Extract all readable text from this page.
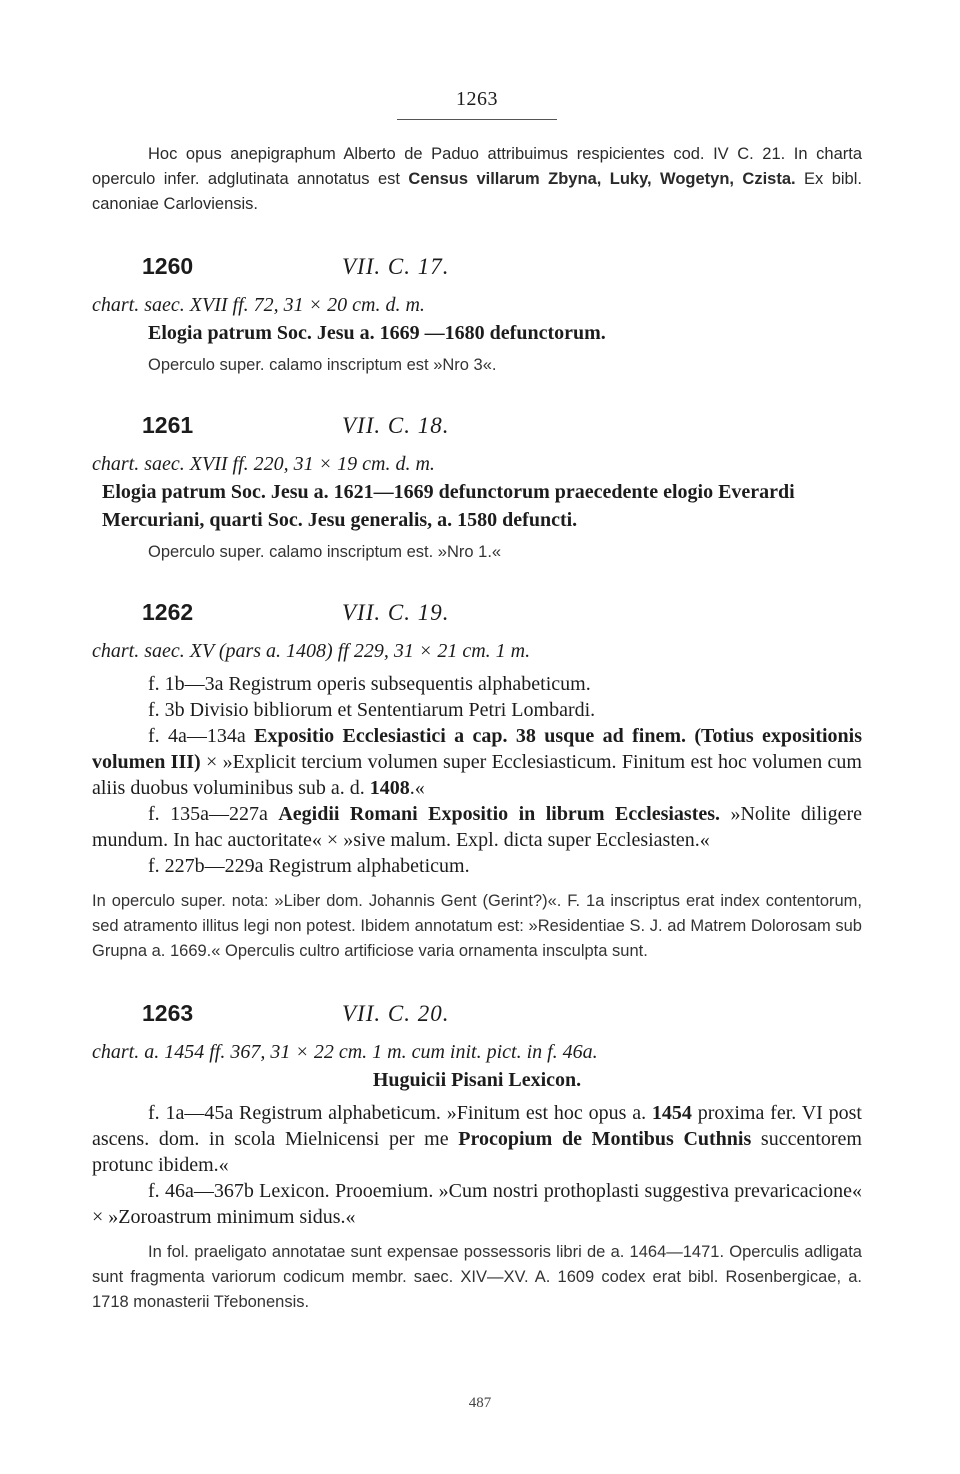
1263

Hoc opus anepigraphum Alberto de Paduo attribuimus respicientes cod. IV C. 21. In charta operculo infer. adglutinata annotatus est Census villarum Zbyna, Luky, Wogetyn, Czista. Ex bibl. canoniae Carloviensis.

1260	VII. C. 17.

chart. saec. XVII ff. 72, 31 × 20 cm. d. m.

Elogia patrum Soc. Jesu a. 1669 —1680 defunctorum.

Operculo super. calamo inscriptum est »Nro 3«.

1261	VII. C. 18.

chart. saec. XVII ff. 220, 31 × 19 cm. d. m.

Elogia patrum Soc. Jesu a. 1621—1669 defunctorum praecedente elogio Everardi Mercuriani, quarti Soc. Jesu generalis, a. 1580 defuncti.

Operculo super. calamo inscriptum est. »Nro 1.«

1262	VII. C. 19.

chart. saec. XV (pars a. 1408) ff 229, 31 × 21 cm. 1 m.

f. 1b—3a Registrum operis subsequentis alphabeticum.

f. 3b Divisio bibliorum et Sententiarum Petri Lombardi.

f. 4a—134a Expositio Ecclesiastici a cap. 38 usque ad finem. (Totius expositionis volumen III) × »Explicit tercium volumen super Ecclesiasticum. Finitum est hoc volumen cum aliis duobus voluminibus sub a. d. 1408.«

f. 135a—227a Aegidii Romani Expositio in librum Ecclesiastes. »Nolite diligere mundum. In hac auctoritate« × »sive malum. Expl. dicta super Ecclesiasten.«

f. 227b—229a Registrum alphabeticum.

In operculo super. nota: »Liber dom. Johannis Gent (Gerint?)«. F. 1a inscriptus erat index contentorum, sed atramento illitus legi non potest. Ibidem annotatum est: »Residentiae S. J. ad Matrem Dolorosam sub Grupna a. 1669.« Operculis cultro artificiose varia ornamenta insculpta sunt.

1263	VII. C. 20.

chart. a. 1454 ff. 367, 31 × 22 cm. 1 m. cum init. pict. in f. 46a.

Huguicii Pisani Lexicon.

f. 1a—45a Registrum alphabeticum. »Finitum est hoc opus a. 1454 proxima fer. VI post ascens. dom. in scola Mielnicensi per me Procopium de Montibus Cuthnis succentorem protunc ibidem.«

f. 46a—367b Lexicon. Prooemium. »Cum nostri prothoplasti suggestiva prevaricacione« × »Zoroastrum minimum sidus.«

In fol. praeligato annotatae sunt expensae possessoris libri de a. 1464—1471. Operculis adligata sunt fragmenta variorum codicum membr. saec. XIV—XV. A. 1609 codex erat bibl. Rosenbergicae, a. 1718 monasterii Třebonensis.

487
